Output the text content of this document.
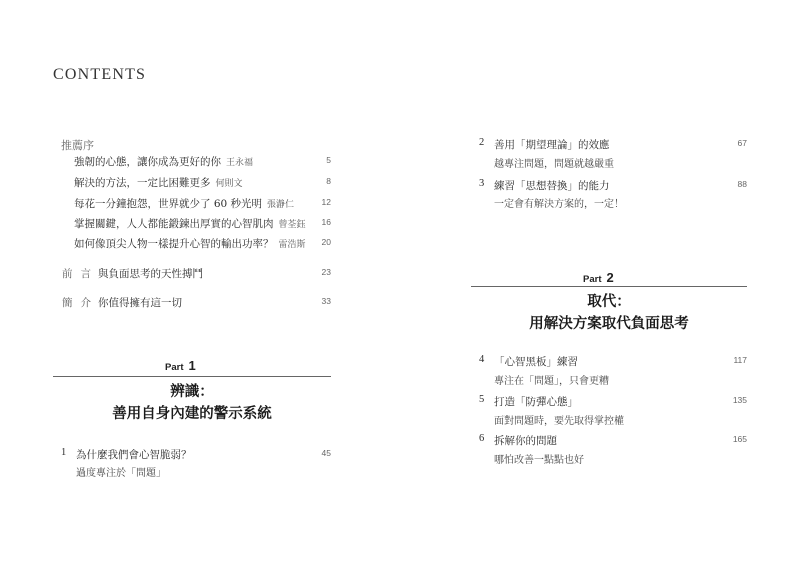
CONTENTS
推薦序
強韌的心態，讓你成為更好的你 王永福	5
解決的方法，一定比困難更多 何則文	8
每花一分鐘抱怨，世界就少了 60 秒光明 張瀞仁	12
掌握關鍵，人人都能鍛鍊出厚實的心智肌肉 曾荃鈺 16
如何像頂尖人物一樣提升心智的輸出功率？ 雷浩斯 20
前言 與負面思考的天性搏鬥	23
簡介 你值得擁有這一切	33
Part 1
辨識：
善用自身內建的警示系統
1 為什麼我們會心智脆弱？	45
過度專注於「問題」
2 善用「期望理論」的效應	67
越專注問題，問題就越嚴重
3 練習「思想替換」的能力	88
一定會有解決方案的，一定！
Part 2
取代：
用解決方案取代負面思考
4 「心智黑板」練習	117
專注在「問題」，只會更糟
5 打造「防彈心態」	135
面對問題時，要先取得掌控權
6 拆解你的問題	165
哪怕改善一點點也好
